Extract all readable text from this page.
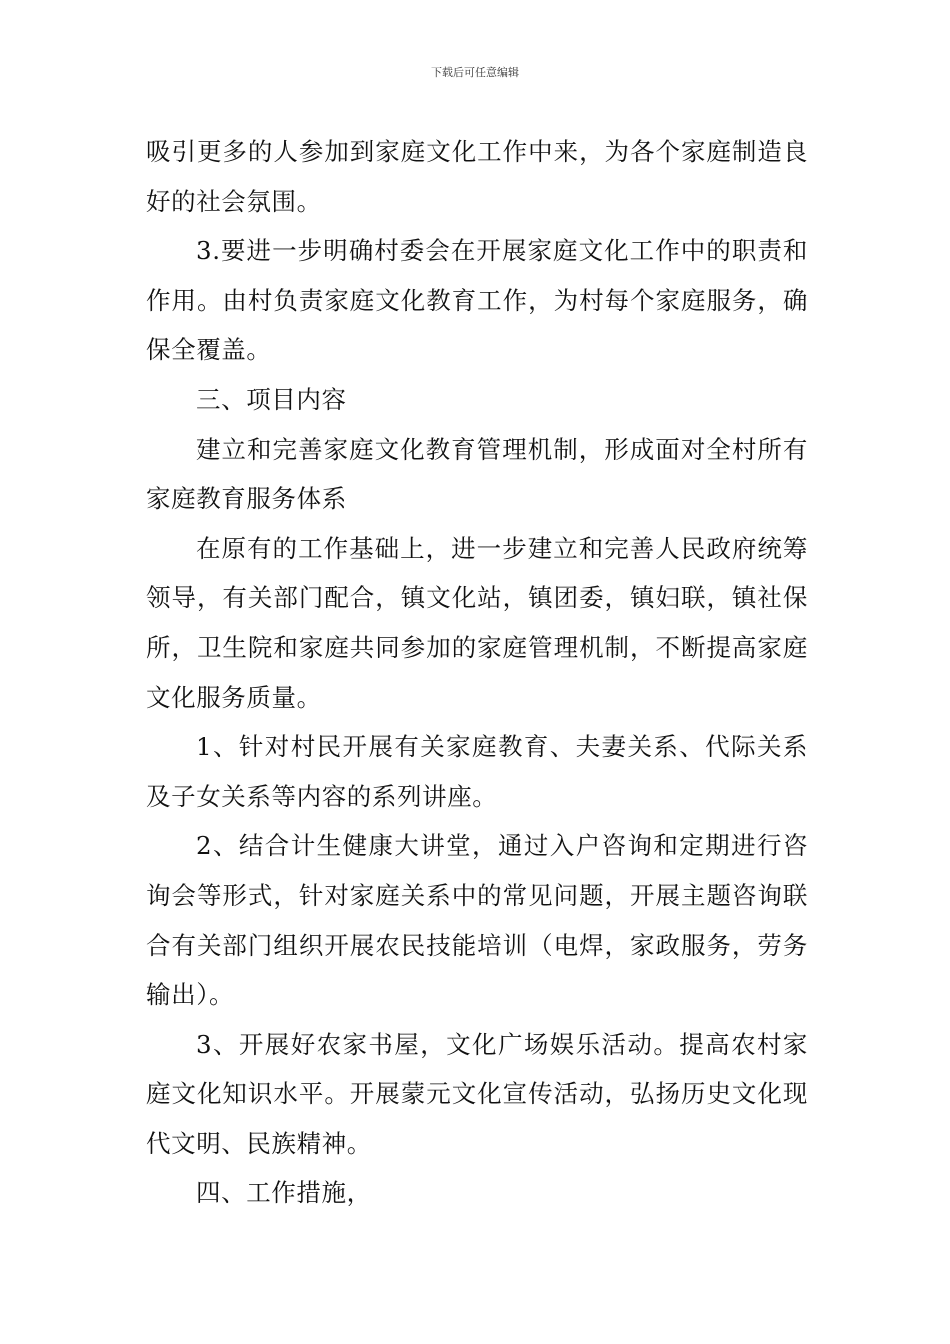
下载后可任意编辑

吸引更多的人参加到家庭文化工作中来，为各个家庭制造良好的社会氛围。

3.要进一步明确村委会在开展家庭文化工作中的职责和作用。由村负责家庭文化教育工作，为村每个家庭服务，确保全覆盖。

三、项目内容

建立和完善家庭文化教育管理机制，形成面对全村所有家庭教育服务体系

在原有的工作基础上，进一步建立和完善人民政府统筹领导，有关部门配合，镇文化站，镇团委，镇妇联，镇社保所，卫生院和家庭共同参加的家庭管理机制，不断提高家庭文化服务质量。

1、针对村民开展有关家庭教育、夫妻关系、代际关系及子女关系等内容的系列讲座。

2、结合计生健康大讲堂，通过入户咨询和定期进行咨询会等形式，针对家庭关系中的常见问题，开展主题咨询联合有关部门组织开展农民技能培训（电焊，家政服务，劳务输出）。

3、开展好农家书屋，文化广场娱乐活动。提高农村家庭文化知识水平。开展蒙元文化宣传活动，弘扬历史文化现代文明、民族精神。

四、工作措施，
